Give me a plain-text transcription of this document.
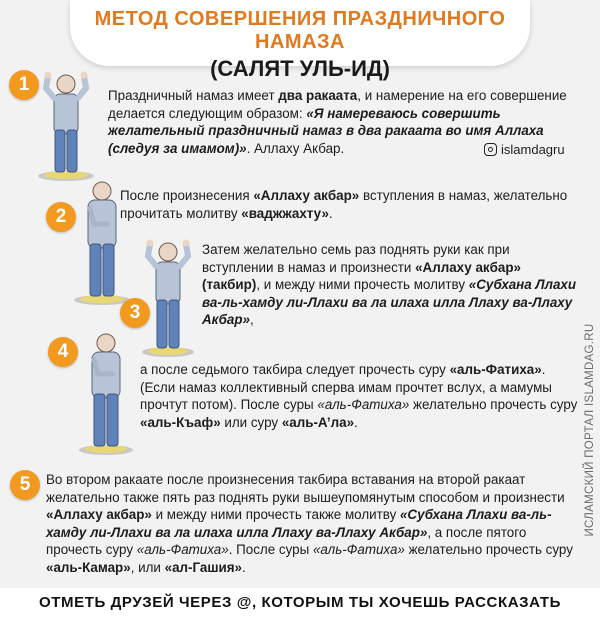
МЕТОД СОВЕРШЕНИЯ ПРАЗДНИЧНОГО НАМАЗА
(САЛЯТ УЛЬ-ИД)
1
Праздничный намаз имеет два ракаата, и намерение на его совершение делается следующим образом: «Я намереваюсь совершить желательный праздничный намаз в два ракаата во имя Аллаха (следуя за имамом)». Аллаху Акбар.	islamdagru
2
После произнесения «Аллаху акбар» вступления в намаз, желательно прочитать молитву «ваджжахту».
3
Затем желательно семь раз поднять руки как при вступлении в намаз и произнести «Аллаху акбар» (такбир), и между ними прочесть молитву «Субхана Ллахи ва-ль-хамду ли-Ллахи ва ла илаха илла Ллаху ва-Ллаху Акбар»,
4
а после седьмого такбира следует прочесть суру «аль-Фатиха». (Если намаз коллективный сперва имам прочтет вслух, а мамумы прочтут потом). После суры «аль-Фатиха» желательно прочесть суру «аль-Къаф» или суру «аль-А’ла».
5	Во втором ракаате после произнесения такбира вставания на второй ракаат желательно также пять раз поднять руки вышеупомянутым способом и произнести «Аллаху акбар» и между ними прочесть также молитву «Субхана Ллахи ва-ль-хамду ли-Ллахи ва ла илаха илла Ллаху ва-Ллаху Акбар», а после пятого прочесть суру «аль-Фатиха». После суры «аль-Фатиха» желательно прочесть суру «аль-Камар», или «ал-Гашия».
ИСЛАМСКИЙ ПОРТАЛ ISLAMDAG.RU
ОТМЕТЬ ДРУЗЕЙ ЧЕРЕЗ @, КОТОРЫМ ТЫ ХОЧЕШЬ РАССКАЗАТЬ
